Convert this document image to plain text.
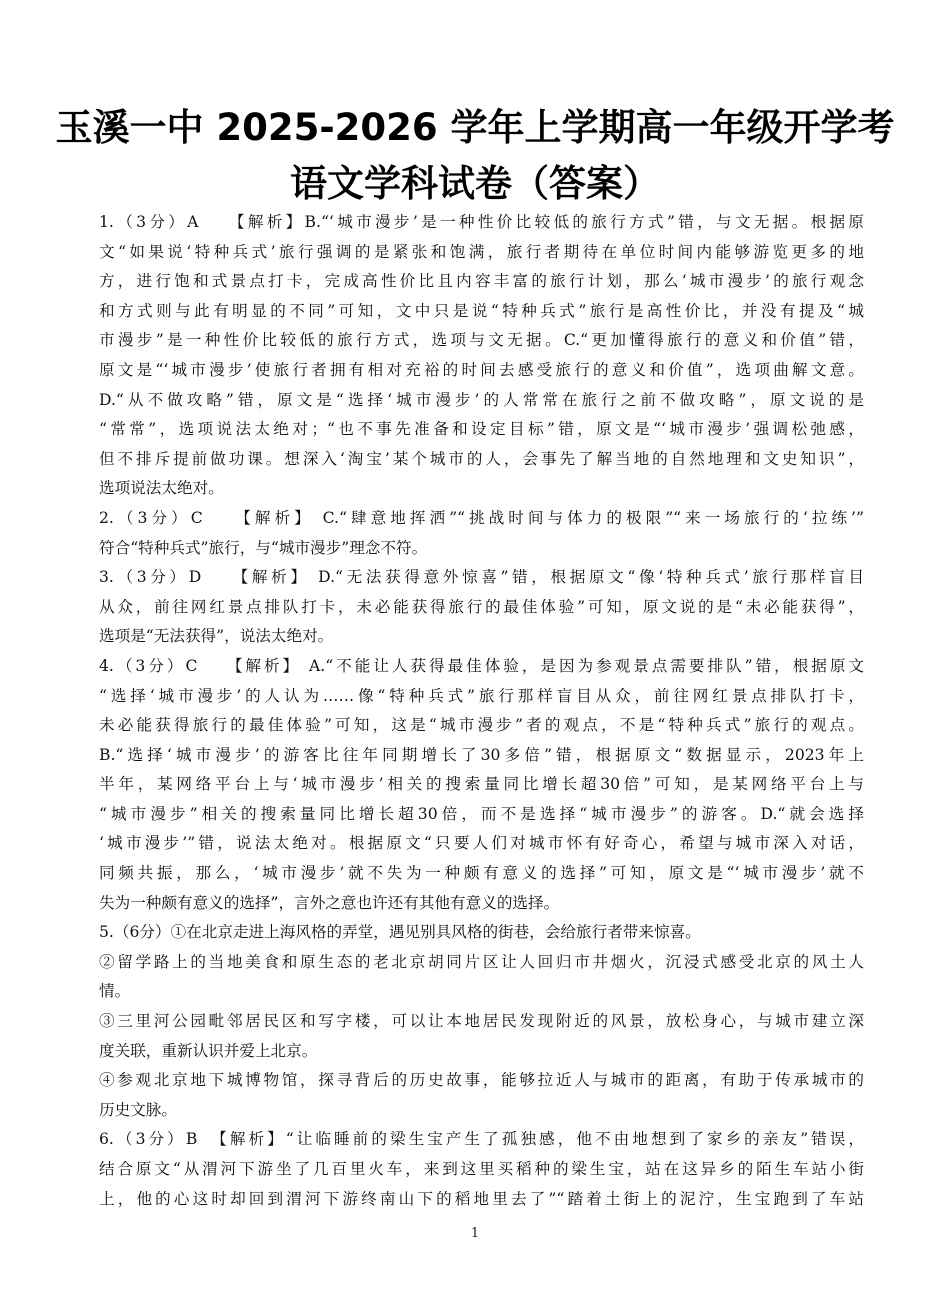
玉溪一中 2025-2026 学年上学期高一年级开学考
语文学科试卷（答案）
1.（3分）A　 【解析】B.“‘城市漫步’是一种性价比较低的旅行方式”错，与文无据。根据原
文“如果说‘特种兵式’旅行强调的是紧张和饱满，旅行者期待在单位时间内能够游览更多的地
方，进行饱和式景点打卡，完成高性价比且内容丰富的旅行计划，那么‘城市漫步’的旅行观念
和方式则与此有明显的不同”可知，文中只是说“特种兵式”旅行是高性价比，并没有提及“城
市漫步”是一种性价比较低的旅行方式，选项与文无据。C.“更加懂得旅行的意义和价值”错，
原文是“‘城市漫步’使旅行者拥有相对充裕的时间去感受旅行的意义和价值”，选项曲解文意。
D.“从不做攻略”错，原文是“选择‘城市漫步’的人常常在旅行之前不做攻略”，原文说的是
“常常”，选项说法太绝对；“也不事先准备和设定目标”错，原文是“‘城市漫步’强调松弛感，
但不排斥提前做功课。想深入‘淘宝’某个城市的人，会事先了解当地的自然地理和文史知识”，
选项说法太绝对。
2.（3分）C　 【解析】 C.“肆意地挥洒”“挑战时间与体力的极限”“来一场旅行的‘拉练’”
符合“特种兵式”旅行，与“城市漫步”理念不符。
3.（3分）D　 【解析】 D.“无法获得意外惊喜”错，根据原文“像‘特种兵式’旅行那样盲目
从众，前往网红景点排队打卡，未必能获得旅行的最佳体验”可知，原文说的是“未必能获得”，
选项是“无法获得”，说法太绝对。
4.（3分）C　 【解析】 A.“不能让人获得最佳体验，是因为参观景点需要排队”错，根据原文
“选择‘城市漫步’的人认为……像“特种兵式”旅行那样盲目从众，前往网红景点排队打卡，
未必能获得旅行的最佳体验”可知，这是“城市漫步”者的观点，不是“特种兵式”旅行的观点。
B.“选择‘城市漫步’的游客比往年同期增长了30多倍”错，根据原文“数据显示，2023年上
半年，某网络平台上与‘城市漫步’相关的搜索量同比增长超30倍”可知，是某网络平台上与
“城市漫步”相关的搜索量同比增长超30倍，而不是选择“城市漫步”的游客。D.“就会选择
‘城市漫步’”错，说法太绝对。根据原文“只要人们对城市怀有好奇心，希望与城市深入对话，
同频共振，那么，‘城市漫步’就不失为一种颇有意义的选择”可知，原文是“‘城市漫步’就不
失为一种颇有意义的选择”，言外之意也许还有其他有意义的选择。
5.（6分）①在北京走进上海风格的弄堂，遇见别具风格的街巷，会给旅行者带来惊喜。
②留学路上的当地美食和原生态的老北京胡同片区让人回归市井烟火，沉浸式感受北京的风土人
情。
③三里河公园毗邻居民区和写字楼，可以让本地居民发现附近的风景，放松身心，与城市建立深
度关联，重新认识并爱上北京。
④参观北京地下城博物馆，探寻背后的历史故事，能够拉近人与城市的距离，有助于传承城市的
历史文脉。
6.（3分）B　【解析】“让临睡前的梁生宝产生了孤独感，他不由地想到了家乡的亲友”错误，
结合原文“从渭河下游坐了几百里火车，来到这里买稻种的梁生宝，站在这异乡的陌生车站小街
上，他的心这时却回到渭河下游终南山下的稻地里去了”“踏着土街上的泥泞，生宝跑到了车站
1
